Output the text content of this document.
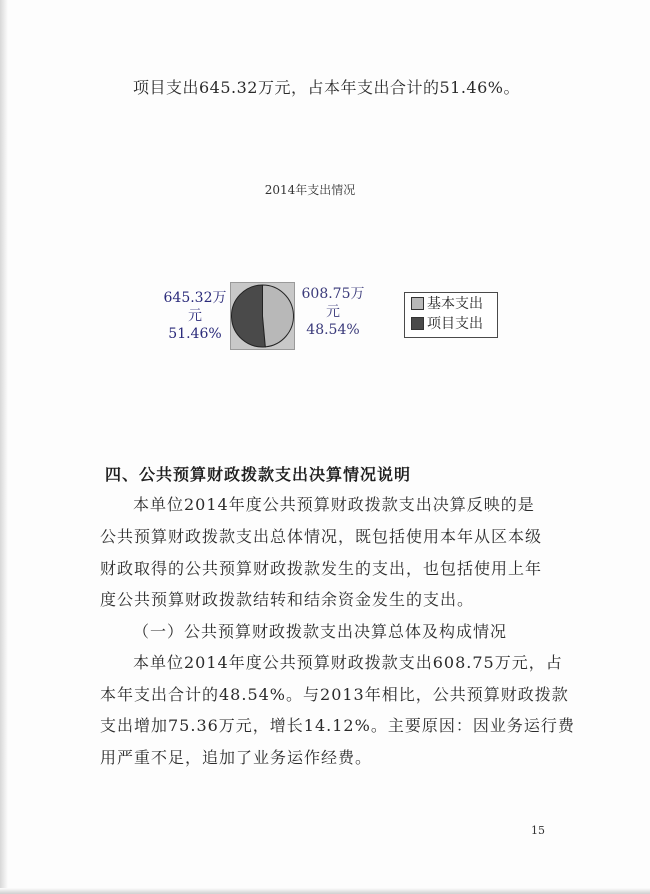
项目支出645.32万元，占本年支出合计的51.46%。
2014年支出情况
645.32万
元
51.46%
608.75万
元
48.54%
基本支出
项目支出
四、公共预算财政拨款支出决算情况说明
本单位2014年度公共预算财政拨款支出决算反映的是
公共预算财政拨款支出总体情况，既包括使用本年从区本级
财政取得的公共预算财政拨款发生的支出，也包括使用上年
度公共预算财政拨款结转和结余资金发生的支出。
（一）公共预算财政拨款支出决算总体及构成情况
本单位2014年度公共预算财政拨款支出608.75万元，占
本年支出合计的48.54%。与2013年相比，公共预算财政拨款
支出增加75.36万元，增长14.12%。主要原因：因业务运行费
用严重不足，追加了业务运作经费。
15
